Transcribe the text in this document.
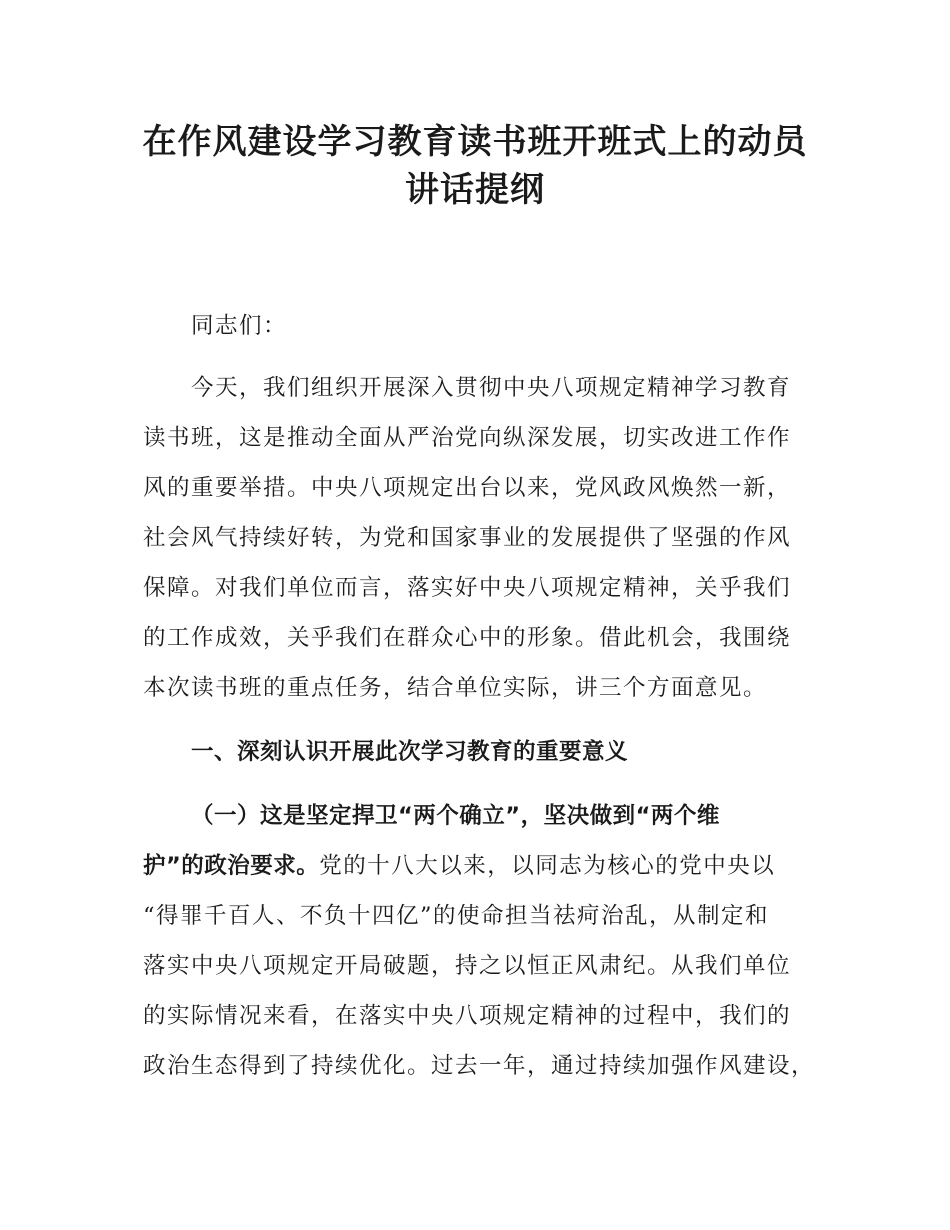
在作风建设学习教育读书班开班式上的动员
讲话提纲

同志们：

今天，我们组织开展深入贯彻中央八项规定精神学习教育

读书班，这是推动全面从严治党向纵深发展，切实改进工作作

风的重要举措。中央八项规定出台以来，党风政风焕然一新，

社会风气持续好转，为党和国家事业的发展提供了坚强的作风

保障。对我们单位而言，落实好中央八项规定精神，关乎我们

的工作成效，关乎我们在群众心中的形象。借此机会，我围绕

本次读书班的重点任务，结合单位实际，讲三个方面意见。

一、深刻认识开展此次学习教育的重要意义

（一）这是坚定捍卫“两个确立”，坚决做到“两个维

护”的政治要求。党的十八大以来，以同志为核心的党中央以

“得罪千百人、不负十四亿”的使命担当祛疴治乱，从制定和

落实中央八项规定开局破题，持之以恒正风肃纪。从我们单位

的实际情况来看，在落实中央八项规定精神的过程中，我们的

政治生态得到了持续优化。过去一年，通过持续加强作风建设，
